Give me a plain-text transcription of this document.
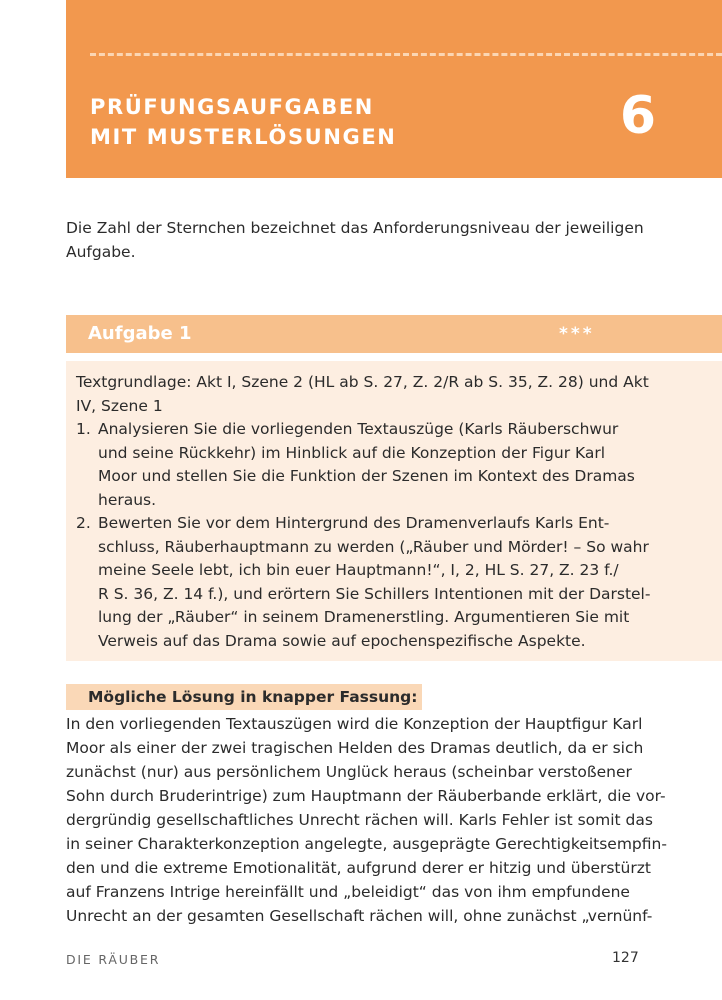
PRÜFUNGSAUFGABEN
MIT MUSTERLÖSUNGEN	6
Die Zahl der Sternchen bezeichnet das Anforderungsniveau der jeweiligen
Aufgabe.
Aufgabe 1	***
Textgrundlage: Akt I, Szene 2 (HL ab S. 27, Z. 2/R ab S. 35, Z. 28) und Akt
IV, Szene 1
1. Analysieren Sie die vorliegenden Textauszüge (Karls Räuberschwur
und seine Rückkehr) im Hinblick auf die Konzeption der Figur Karl
Moor und stellen Sie die Funktion der Szenen im Kontext des Dramas
heraus.
2. Bewerten Sie vor dem Hintergrund des Dramenverlaufs Karls Ent-
schluss, Räuberhauptmann zu werden („Räuber und Mörder! – So wahr
meine Seele lebt, ich bin euer Hauptmann!“, I, 2, HL S. 27, Z. 23 f./
R S. 36, Z. 14 f.), und erörtern Sie Schillers Intentionen mit der Darstel-
lung der „Räuber“ in seinem Dramenerstling. Argumentieren Sie mit
Verweis auf das Drama sowie auf epochenspezifische Aspekte.
Mögliche Lösung in knapper Fassung:
In den vorliegenden Textauszügen wird die Konzeption der Hauptfigur Karl
Moor als einer der zwei tragischen Helden des Dramas deutlich, da er sich
zunächst (nur) aus persönlichem Unglück heraus (scheinbar verstoßener
Sohn durch Bruderintrige) zum Hauptmann der Räuberbande erklärt, die vor-
dergründig gesellschaftliches Unrecht rächen will. Karls Fehler ist somit das
in seiner Charakterkonzeption angelegte, ausgeprägte Gerechtigkeitsempfin-
den und die extreme Emotionalität, aufgrund derer er hitzig und überstürzt
auf Franzens Intrige hereinfällt und „beleidigt“ das von ihm empfundene
Unrecht an der gesamten Gesellschaft rächen will, ohne zunächst „vernünf-
DIE RÄUBER	127
